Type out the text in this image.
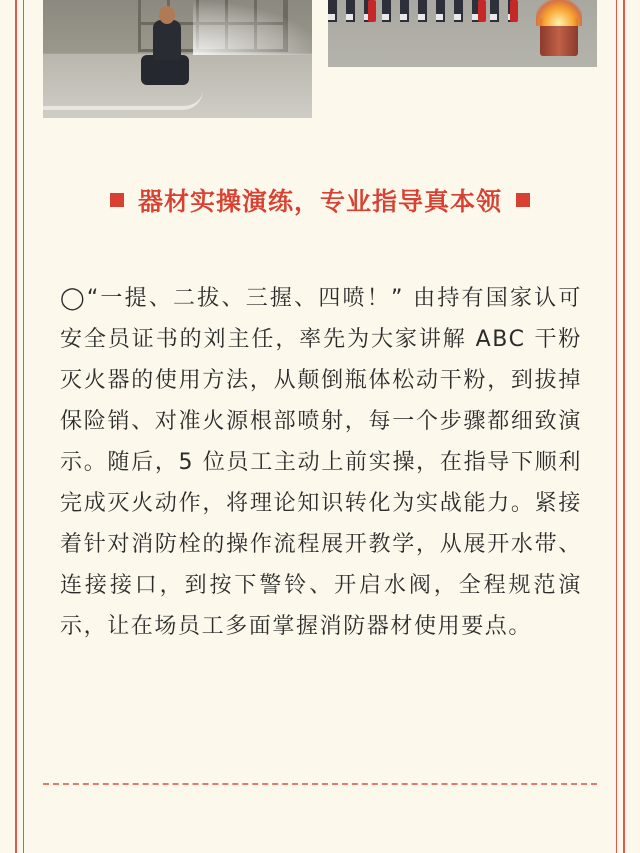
器材实操演练，专业指导真本领

◯“一提、二拔、三握、四喷！” 由持有国家认可安全员证书的刘主任，率先为大家讲解 ABC 干粉灭火器的使用方法，从颠倒瓶体松动干粉，到拔掉保险销、对准火源根部喷射，每一个步骤都细致演示。随后，5 位员工主动上前实操，在指导下顺利完成灭火动作，将理论知识转化为实战能力。紧接着针对消防栓的操作流程展开教学，从展开水带、连接接口，到按下警铃、开启水阀，全程规范演示，让在场员工多面掌握消防器材使用要点。
